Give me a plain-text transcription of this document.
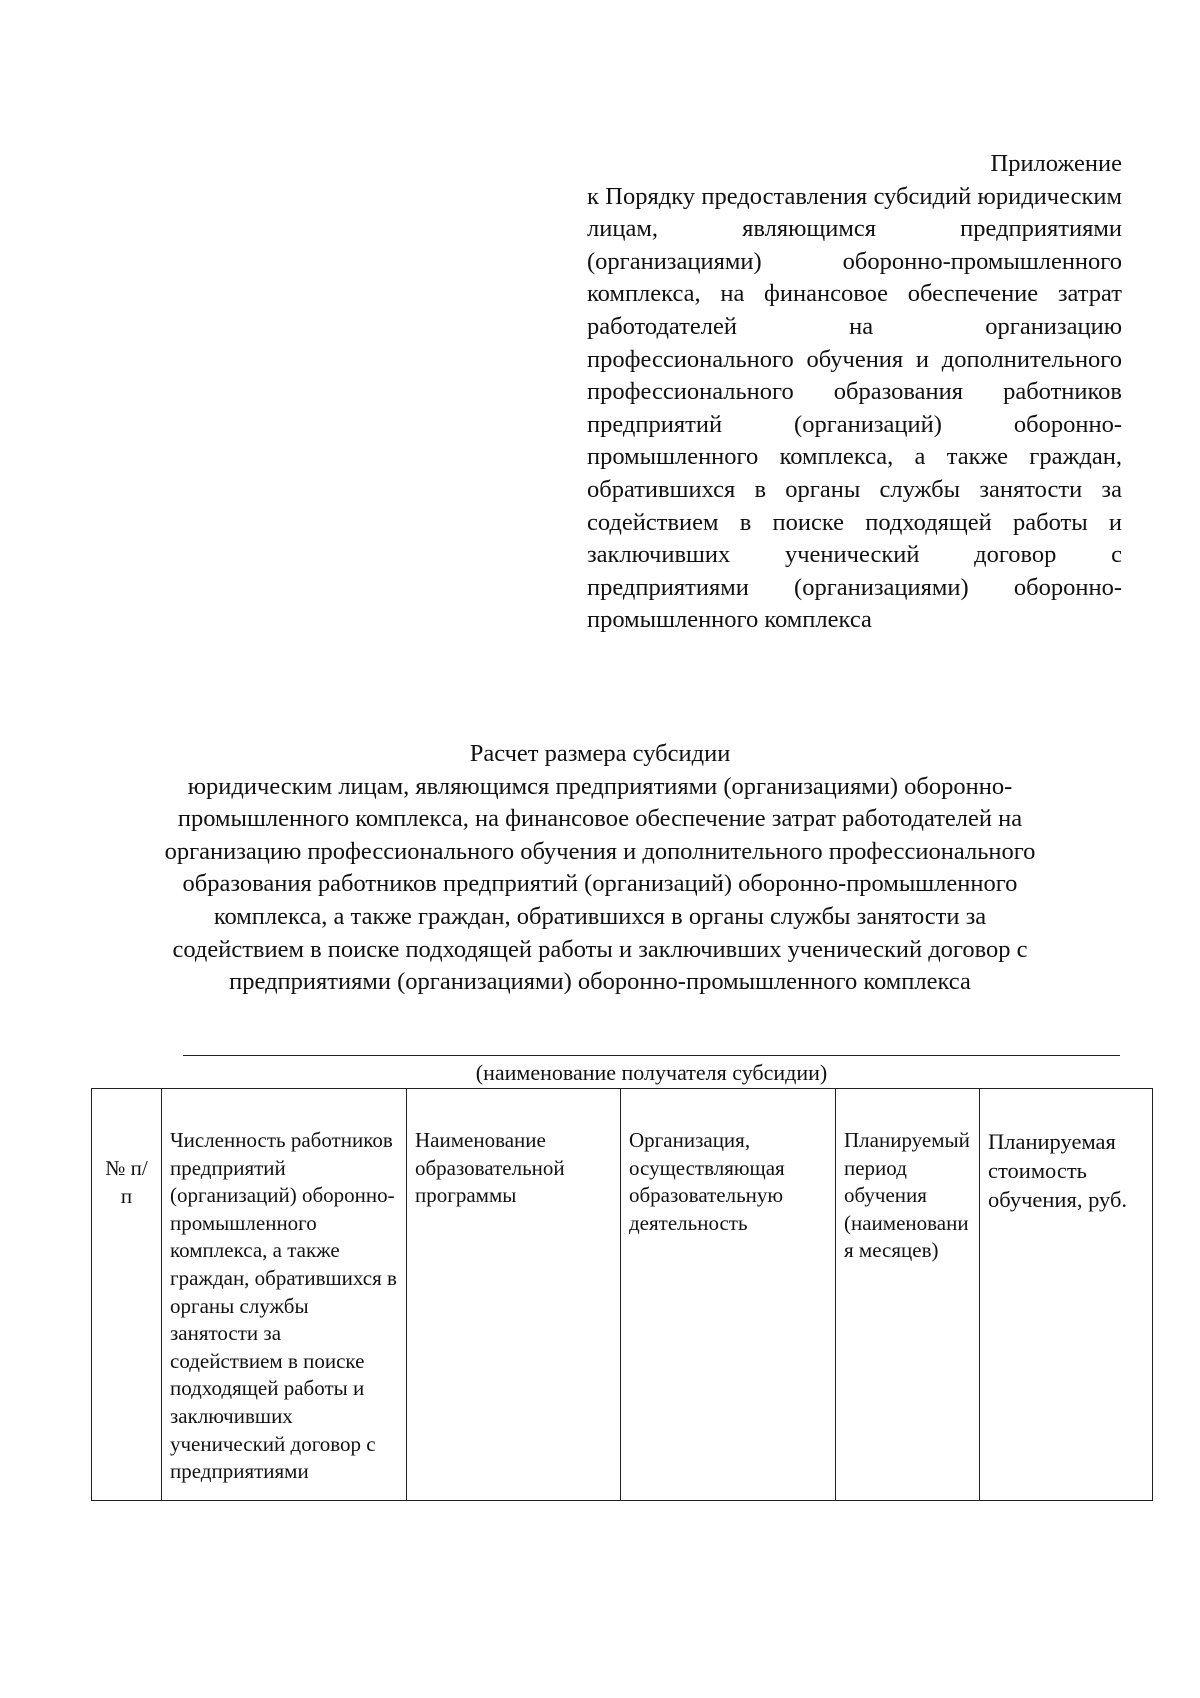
Приложение
к Порядку предоставления субсидий юридическим лицам, являющимся предприятиями (организациями) оборонно-промышленного комплекса, на финансовое обеспечение затрат работодателей на организацию профессионального обучения и дополнительного профессионального образования работников предприятий (организаций) оборонно-промышленного комплекса, а также граждан, обратившихся в органы службы занятости за содействием в поиске подходящей работы и заключивших ученический договор с предприятиями (организациями) оборонно-промышленного комплекса
Расчет размера субсидии
юридическим лицам, являющимся предприятиями (организациями) оборонно-промышленного комплекса, на финансовое обеспечение затрат работодателей на организацию профессионального обучения и дополнительного профессионального образования работников предприятий (организаций) оборонно-промышленного комплекса, а также граждан, обратившихся в органы службы занятости за содействием в поиске подходящей работы и заключивших ученический договор с предприятиями (организациями) оборонно-промышленного комплекса
(наименование получателя субсидии)
№ п/п	Численность работников предприятий (организаций) оборонно-промышленного комплекса, а также граждан, обратившихся в органы службы занятости за содействием в поиске подходящей работы и заключивших ученический договор с предприятиями	Наименование образовательной программы	Организация, осуществляющая образовательную деятельность	Планируемый период обучения (наименования месяцев)	Планируемая стоимость обучения, руб.
